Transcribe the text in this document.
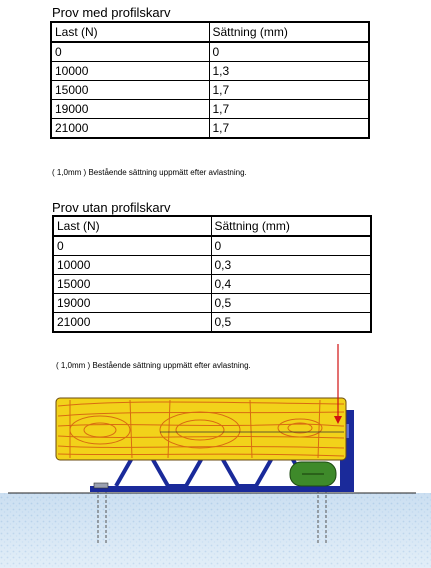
Prov med profilskarv
Last (N)	Sättning (mm)
0	0
10000	1,3
15000	1,7
19000	1,7
21000	1,7
( 1,0mm ) Bestående sättning uppmätt efter avlastning.
Prov utan profilskarv
Last (N)	Sättning (mm)
0	0
10000	0,3
15000	0,4
19000	0,5
21000	0,5
( 1,0mm ) Bestående sättning uppmätt efter avlastning.
